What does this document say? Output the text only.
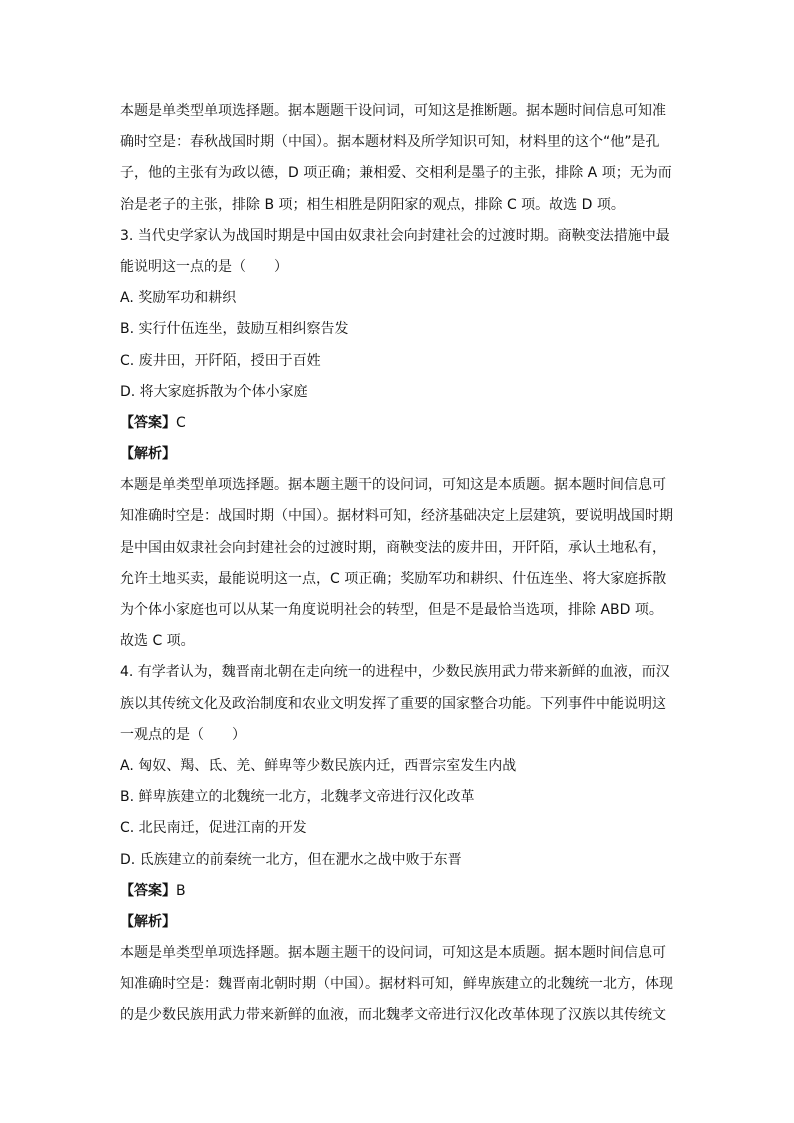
本题是单类型单项选择题。据本题题干设问词，可知这是推断题。据本题时间信息可知准
确时空是：春秋战国时期（中国）。据本题材料及所学知识可知，材料里的这个“他”是孔
子，他的主张有为政以德，D 项正确；兼相爱、交相利是墨子的主张，排除 A 项；无为而
治是老子的主张，排除 B 项；相生相胜是阴阳家的观点，排除 C 项。故选 D 项。
3. 当代史学家认为战国时期是中国由奴隶社会向封建社会的过渡时期。商鞅变法措施中最
能说明这一点的是（　　）
A. 奖励军功和耕织
B. 实行什伍连坐，鼓励互相纠察告发
C. 废井田，开阡陌，授田于百姓
D. 将大家庭拆散为个体小家庭
【答案】C
【解析】
本题是单类型单项选择题。据本题主题干的设问词，可知这是本质题。据本题时间信息可
知准确时空是：战国时期（中国）。据材料可知，经济基础决定上层建筑，要说明战国时期
是中国由奴隶社会向封建社会的过渡时期，商鞅变法的废井田，开阡陌，承认土地私有，
允许土地买卖，最能说明这一点，C 项正确；奖励军功和耕织、什伍连坐、将大家庭拆散
为个体小家庭也可以从某一角度说明社会的转型，但是不是最恰当选项，排除 ABD 项。
故选 C 项。
4. 有学者认为，魏晋南北朝在走向统一的进程中，少数民族用武力带来新鲜的血液，而汉
族以其传统文化及政治制度和农业文明发挥了重要的国家整合功能。下列事件中能说明这
一观点的是（　　）
A. 匈奴、羯、氐、羌、鲜卑等少数民族内迁，西晋宗室发生内战
B. 鲜卑族建立的北魏统一北方，北魏孝文帝进行汉化改革
C. 北民南迁，促进江南的开发
D. 氐族建立的前秦统一北方，但在淝水之战中败于东晋
【答案】B
【解析】
本题是单类型单项选择题。据本题主题干的设问词，可知这是本质题。据本题时间信息可
知准确时空是：魏晋南北朝时期（中国）。据材料可知，鲜卑族建立的北魏统一北方，体现
的是少数民族用武力带来新鲜的血液，而北魏孝文帝进行汉化改革体现了汉族以其传统文
